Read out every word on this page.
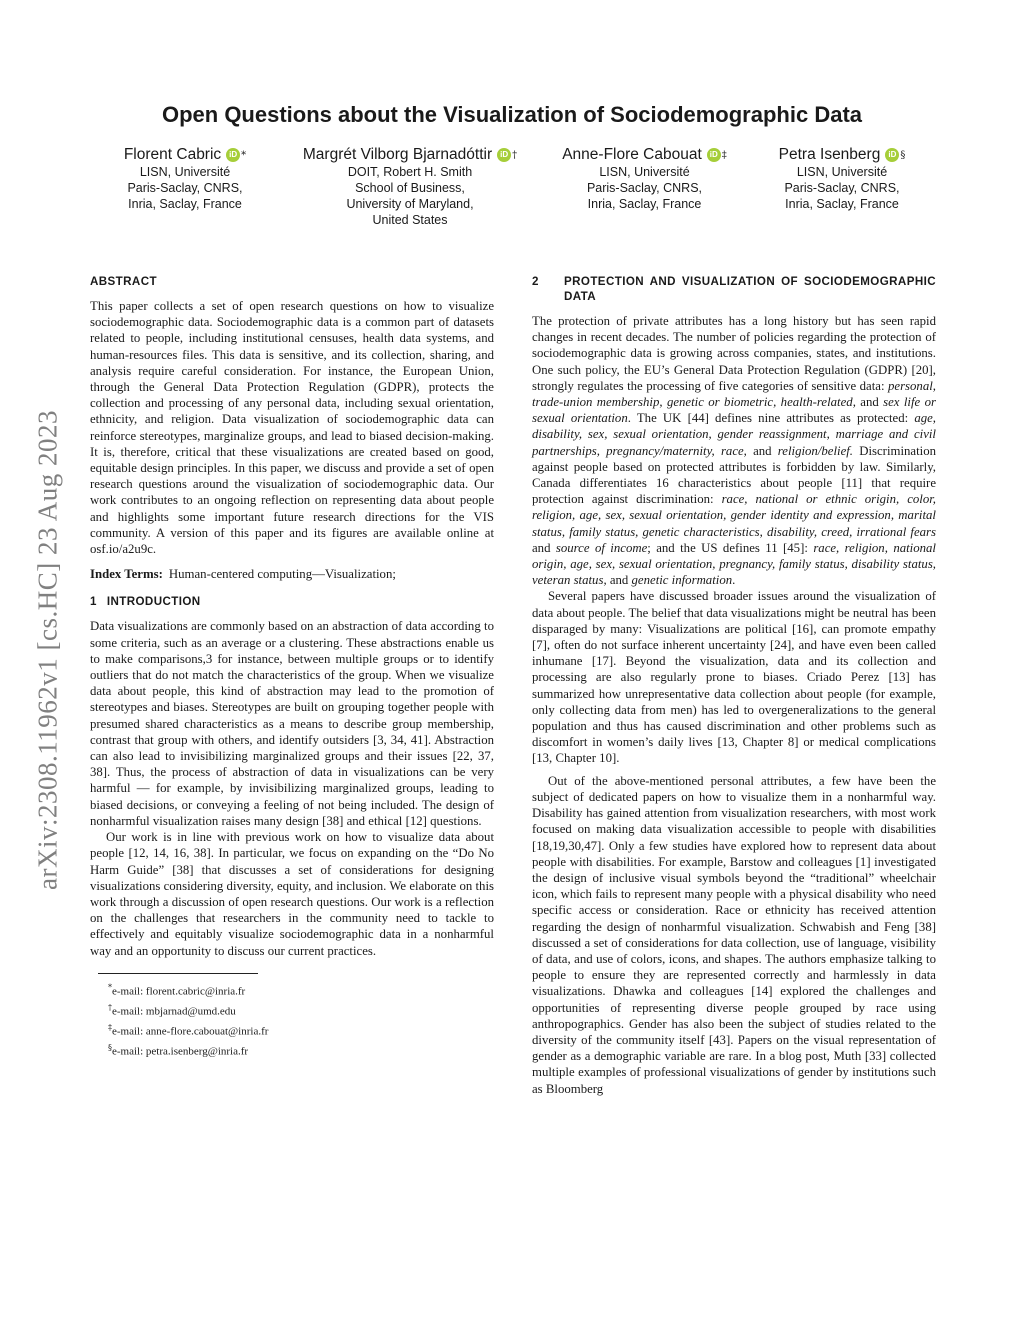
arXiv:2308.11962v1 [cs.HC] 23 Aug 2023
Open Questions about the Visualization of Sociodemographic Data
Florent Cabric	iD *
LISN, Université
Paris-Saclay, CNRS,
Inria, Saclay, France
Margrét Vilborg Bjarnadóttir	iD †
DOIT, Robert H. Smith
School of Business,
University of Maryland,
United States
Anne-Flore Cabouat	iD ‡
LISN, Université
Paris-Saclay, CNRS,
Inria, Saclay, France
Petra Isenberg	iD §
LISN, Université
Paris-Saclay, CNRS,
Inria, Saclay, France
ABSTRACT

This paper collects a set of open research questions on how to visualize sociodemographic data. Sociodemographic data is a common part of datasets related to people, including institutional censuses, health data systems, and human-resources files. This data is sensitive, and its collection, sharing, and analysis require careful consideration. For instance, the European Union, through the General Data Protection Regulation (GDPR), protects the collection and processing of any personal data, including sexual orientation, ethnicity, and religion. Data visualization of sociodemographic data can reinforce stereotypes, marginalize groups, and lead to biased decision-making. It is, therefore, critical that these visualizations are created based on good, equitable design principles. In this paper, we discuss and provide a set of open research questions around the visualization of sociodemographic data. Our work contributes to an ongoing reflection on representing data about people and highlights some important future research directions for the VIS community. A version of this paper and its figures are available online at osf.io/a2u9c.

Index Terms: Human-centered computing—Visualization;
1 INTRODUCTION

Data visualizations are commonly based on an abstraction of data according to some criteria, such as an average or a clustering. These abstractions enable us to make comparisons,3 for instance, between multiple groups or to identify outliers that do not match the characteristics of the group. When we visualize data about people, this kind of abstraction may lead to the promotion of stereotypes and biases. Stereotypes are built on grouping together people with presumed shared characteristics as a means to describe group membership, contrast that group with others, and identify outsiders [3, 34, 41]. Abstraction can also lead to invisibilizing marginalized groups and their issues [22, 37, 38]. Thus, the process of abstraction of data in visualizations can be very harmful — for example, by invisibilizing marginalized groups, leading to biased decisions, or conveying a feeling of not being included. The design of nonharmful visualization raises many design [38] and ethical [12] questions.

Our work is in line with previous work on how to visualize data about people [12, 14, 16, 38]. In particular, we focus on expanding on the “Do No Harm Guide” [38] that discusses a set of considerations for designing visualizations considering diversity, equity, and inclusion. We elaborate on this work through a discussion of open research questions. Our work is a reflection on the challenges that researchers in the community need to tackle to effectively and equitably visualize sociodemographic data in a nonharmful way and an opportunity to discuss our current practices.

*e-mail: florent.cabric@inria.fr
†e-mail: mbjarnad@umd.edu
‡e-mail: anne-flore.cabouat@inria.fr
§e-mail: petra.isenberg@inria.fr
2	PROTECTION AND VISUALIZATION OF SOCIODEMOGRAPHIC DATA

The protection of private attributes has a long history but has seen rapid changes in recent decades. The number of policies regarding the protection of sociodemographic data is growing across companies, states, and institutions. One such policy, the EU’s General Data Protection Regulation (GDPR) [20], strongly regulates the processing of five categories of sensitive data: personal, trade-union membership, genetic or biometric, health-related, and sex life or sexual orientation. The UK [44] defines nine attributes as protected: age, disability, sex, sexual orientation, gender reassignment, marriage and civil partnerships, pregnancy/maternity, race, and religion/belief. Discrimination against people based on protected attributes is forbidden by law. Similarly, Canada differentiates 16 characteristics about people [11] that require protection against discrimination: race, national or ethnic origin, color, religion, age, sex, sexual orientation, gender identity and expression, marital status, family status, genetic characteristics, disability, creed, irrational fears and source of income; and the US defines 11 [45]: race, religion, national origin, age, sex, sexual orientation, pregnancy, family status, disability status, veteran status, and genetic information.

Several papers have discussed broader issues around the visualization of data about people. The belief that data visualizations might be neutral has been disparaged by many: Visualizations are political [16], can promote empathy [7], often do not surface inherent uncertainty [24], and have even been called inhumane [17]. Beyond the visualization, data and its collection and processing are also regularly prone to biases. Criado Perez [13] has summarized how unrepresentative data collection about people (for example, only collecting data from men) has led to overgeneralizations to the general population and thus has caused discrimination and other problems such as discomfort in women’s daily lives [13, Chapter 8] or medical complications [13, Chapter 10].

Out of the above-mentioned personal attributes, a few have been the subject of dedicated papers on how to visualize them in a nonharmful way. Disability has gained attention from visualization researchers, with most work focused on making data visualization accessible to people with disabilities [18,19,30,47]. Only a few studies have explored how to represent data about people with disabilities. For example, Barstow and colleagues [1] investigated the design of inclusive visual symbols beyond the “traditional” wheelchair icon, which fails to represent many people with a physical disability who need specific access or consideration. Race or ethnicity has received attention regarding the design of nonharmful visualization. Schwabish and Feng [38] discussed a set of considerations for data collection, use of language, visibility of data, and use of colors, icons, and shapes. The authors emphasize talking to people to ensure they are represented correctly and harmlessly in data visualizations. Dhawka and colleagues [14] explored the challenges and opportunities of representing diverse people grouped by race using anthropographics. Gender has also been the subject of studies related to the diversity of the community itself [43]. Papers on the visual representation of gender as a demographic variable are rare. In a blog post, Muth [33] collected multiple examples of professional visualizations of gender by institutions such as Bloomberg
